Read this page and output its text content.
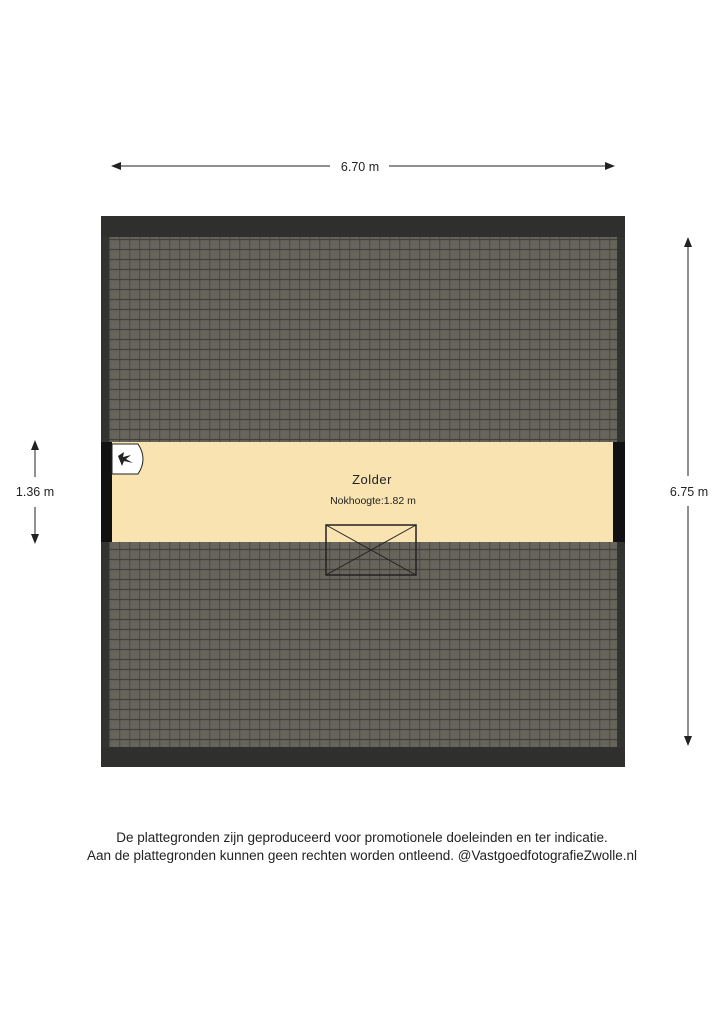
Zolder
Nokhoogte:1.82 m
6.70 m
6.75 m
1.36 m
De plattegronden zijn geproduceerd voor promotionele doeleinden en ter indicatie.
Aan de plattegronden kunnen geen rechten worden ontleend. @VastgoedfotografieZwolle.nl
